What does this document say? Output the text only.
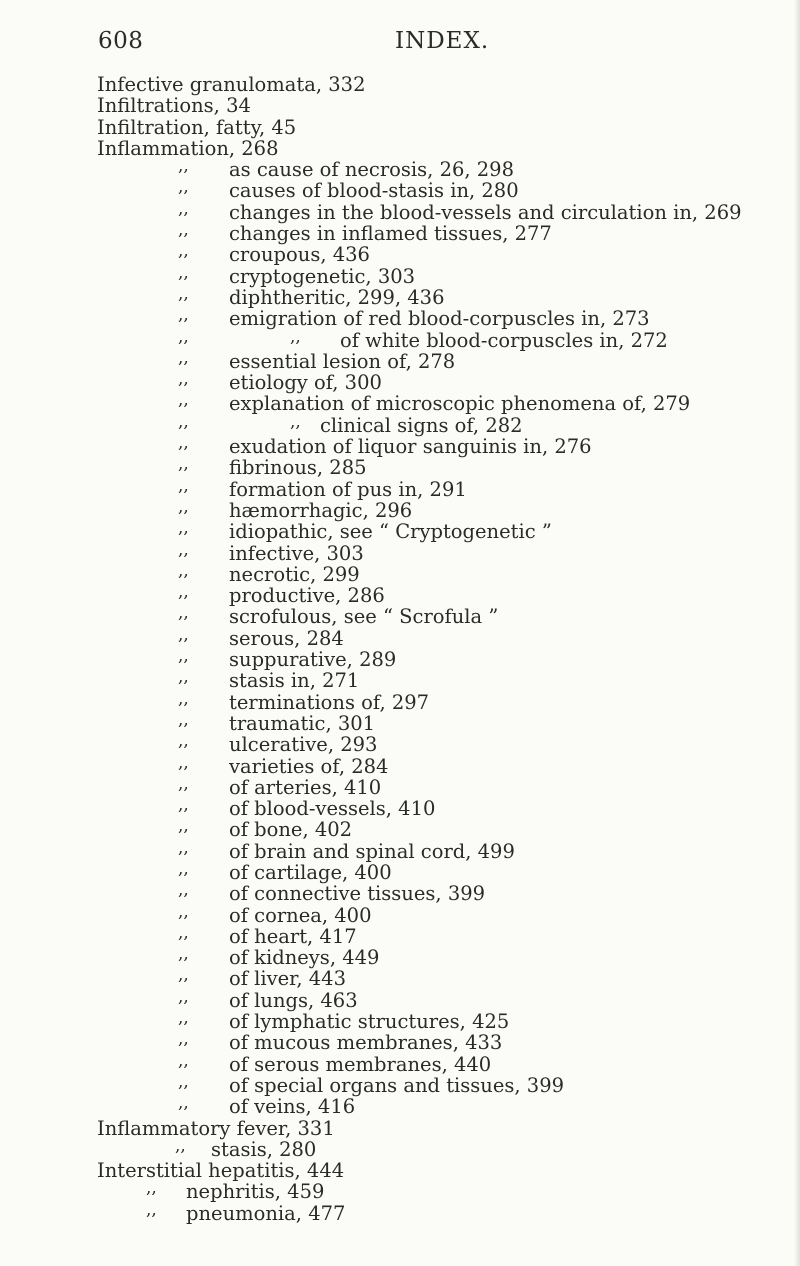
608	INDEX.
Infective granulomata, 332
Infiltrations, 34
Infiltration, fatty, 45
Inflammation, 268
,, as cause of necrosis, 26, 298
,, causes of blood-stasis in, 280
,, changes in the blood-vessels and circulation in, 269
,, changes in inflamed tissues, 277
,, croupous, 436
,, cryptogenetic, 303
,, diphtheritic, 299, 436
,, emigration of red blood-corpuscles in, 273
,,	,, of white blood-corpuscles in, 272
,, essential lesion of, 278
,, etiology of, 300
,, explanation of microscopic phenomena of, 279
,,	,, clinical signs of, 282
,, exudation of liquor sanguinis in, 276
,, fibrinous, 285
,, formation of pus in, 291
,, hæmorrhagic, 296
,, idiopathic, see “ Cryptogenetic ”
,, infective, 303
,, necrotic, 299
,, productive, 286
,, scrofulous, see “ Scrofula ”
,, serous, 284
,, suppurative, 289
,, stasis in, 271
,, terminations of, 297
,, traumatic, 301
,, ulcerative, 293
,, varieties of, 284
,, of arteries, 410
,, of blood-vessels, 410
,, of bone, 402
,, of brain and spinal cord, 499
,, of cartilage, 400
,, of connective tissues, 399
,, of cornea, 400
,, of heart, 417
,, of kidneys, 449
,, of liver, 443
,, of lungs, 463
,, of lymphatic structures, 425
,, of mucous membranes, 433
,, of serous membranes, 440
,, of special organs and tissues, 399
,, of veins, 416
Inflammatory fever, 331
,, stasis, 280
Interstitial hepatitis, 444
,, nephritis, 459
,, pneumonia, 477
